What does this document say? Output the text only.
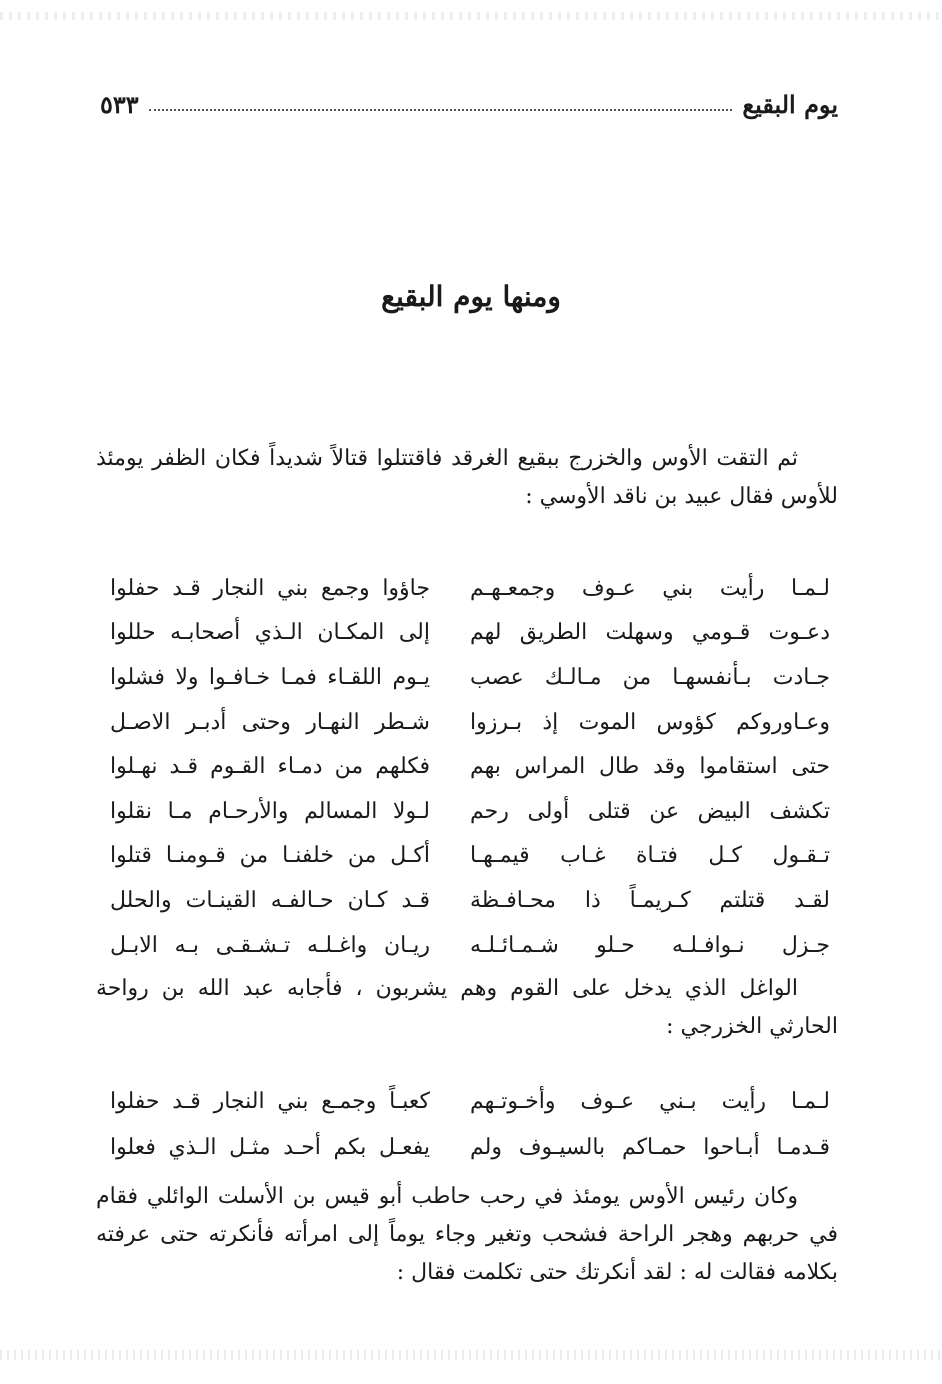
يوم البقيع
٥٣٣
ومنها يوم البقيع

ثم التقت الأوس والخزرج ببقيع الغرقد فاقتتلوا قتالاً شديداً فكان الظفر يومئذ للأوس فقال عبيد بن ناقد الأوسي :

لـمـا رأيت بني عـوف وجمعـهـم
جاؤوا وجمع بني النجار قـد حفلوا
دعـوت قـومي وسهلت الطريق لهم
إلى المكـان الـذي أصحابـه حللوا
جـادت بـأنفسهـا من مـالـك عصب
يـوم اللقـاء فمـا خـافـوا ولا فشلوا
وعـاوروكم كؤوس الموت إذ بـرزوا
شـطر النهـار وحتى أدبـر الاصـل
حتى استقاموا وقد طال المراس بهم
فكلهم من دمـاء القـوم قـد نهـلوا
تكشف البيض عن قتلى أولى رحم
لـولا المسالم والأرحـام مـا نقلوا
تـقـول كـل فتـاة غـاب قيمـهـا
أكـل من خلفنـا من قـومنـا قتلوا
لقـد قتلتم كـريمـاً ذا محـافـظة
قـد كـان حـالفـه القينـات والحلل
جـزل نـوافـلـه حـلو شـمـائـلـه
ريـان واغـلـه تـشـقـى بـه الابـل

الواغل الذي يدخل على القوم وهم يشربون ، فأجابه عبد الله بن رواحة الحارثي الخزرجي :

لـمـا رأيت بـني عـوف وأخـوتـهم
كعبـاً وجمـع بني النجار قـد حفلوا
قـدمـا أبـاحوا حمـاكم بالسيـوف ولم
يفعـل بكم أحـد مثـل الـذي فعلوا

وكان رئيس الأوس يومئذ في رحب حاطب أبو قيس بن الأسلت الوائلي فقام في حربهم وهجر الراحة فشحب وتغير وجاء يوماً إلى امرأته فأنكرته حتى عرفته بكلامه فقالت له : لقد أنكرتك حتى تكلمت فقال :
